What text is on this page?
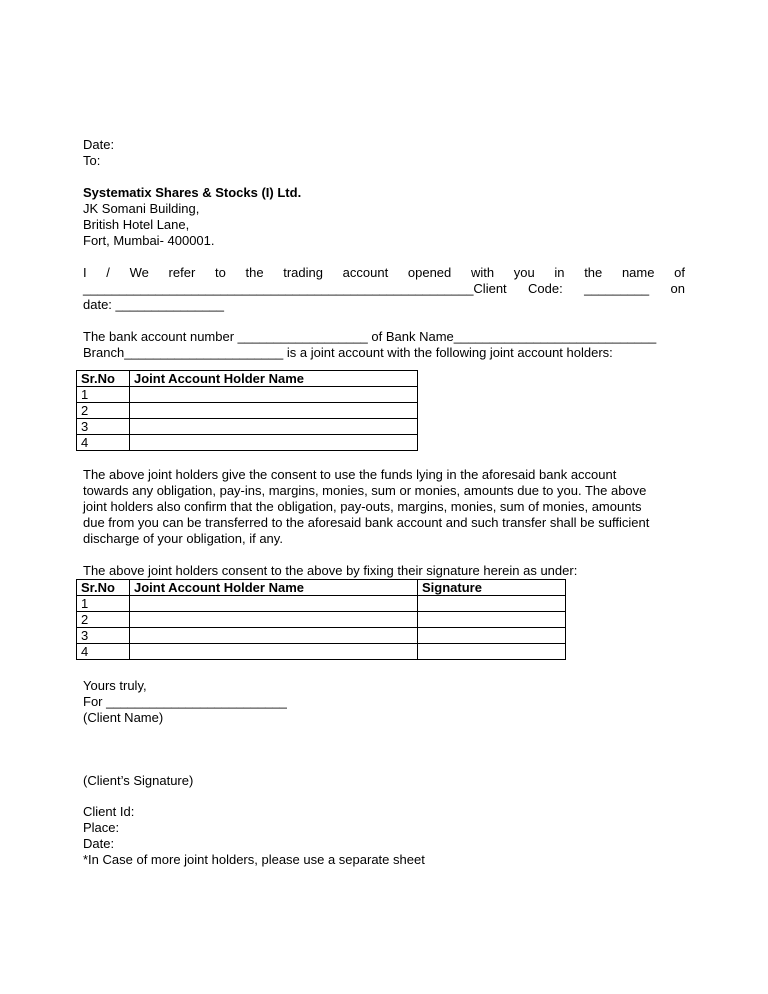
Date:
To:
Systematix Shares & Stocks (I) Ltd.
JK Somani Building,
British Hotel Lane,
Fort, Mumbai- 400001.
I / We refer to the trading account opened with you in the name of
______________________________________________________Client Code: _________ on
date: _______________
The bank account number __________________ of Bank Name____________________________
Branch______________________ is a joint account with the following joint account holders:
Sr.No	Joint Account Holder Name
1	
2	
3	
4	
The above joint holders give the consent to use the funds lying in the aforesaid bank account
towards any obligation, pay-ins, margins, monies, sum or monies, amounts due to you. The above
joint holders also confirm that the obligation, pay-outs, margins, monies, sum of monies, amounts
due from you can be transferred to the aforesaid bank account and such transfer shall be sufficient
discharge of your obligation, if any.
The above joint holders consent to the above by fixing their signature herein as under:
Sr.No	Joint Account Holder Name	Signature
1		
2		
3		
4		
Yours truly,
For _________________________
(Client Name)
(Client’s Signature)
Client Id:
Place:
Date:
*In Case of more joint holders, please use a separate sheet
